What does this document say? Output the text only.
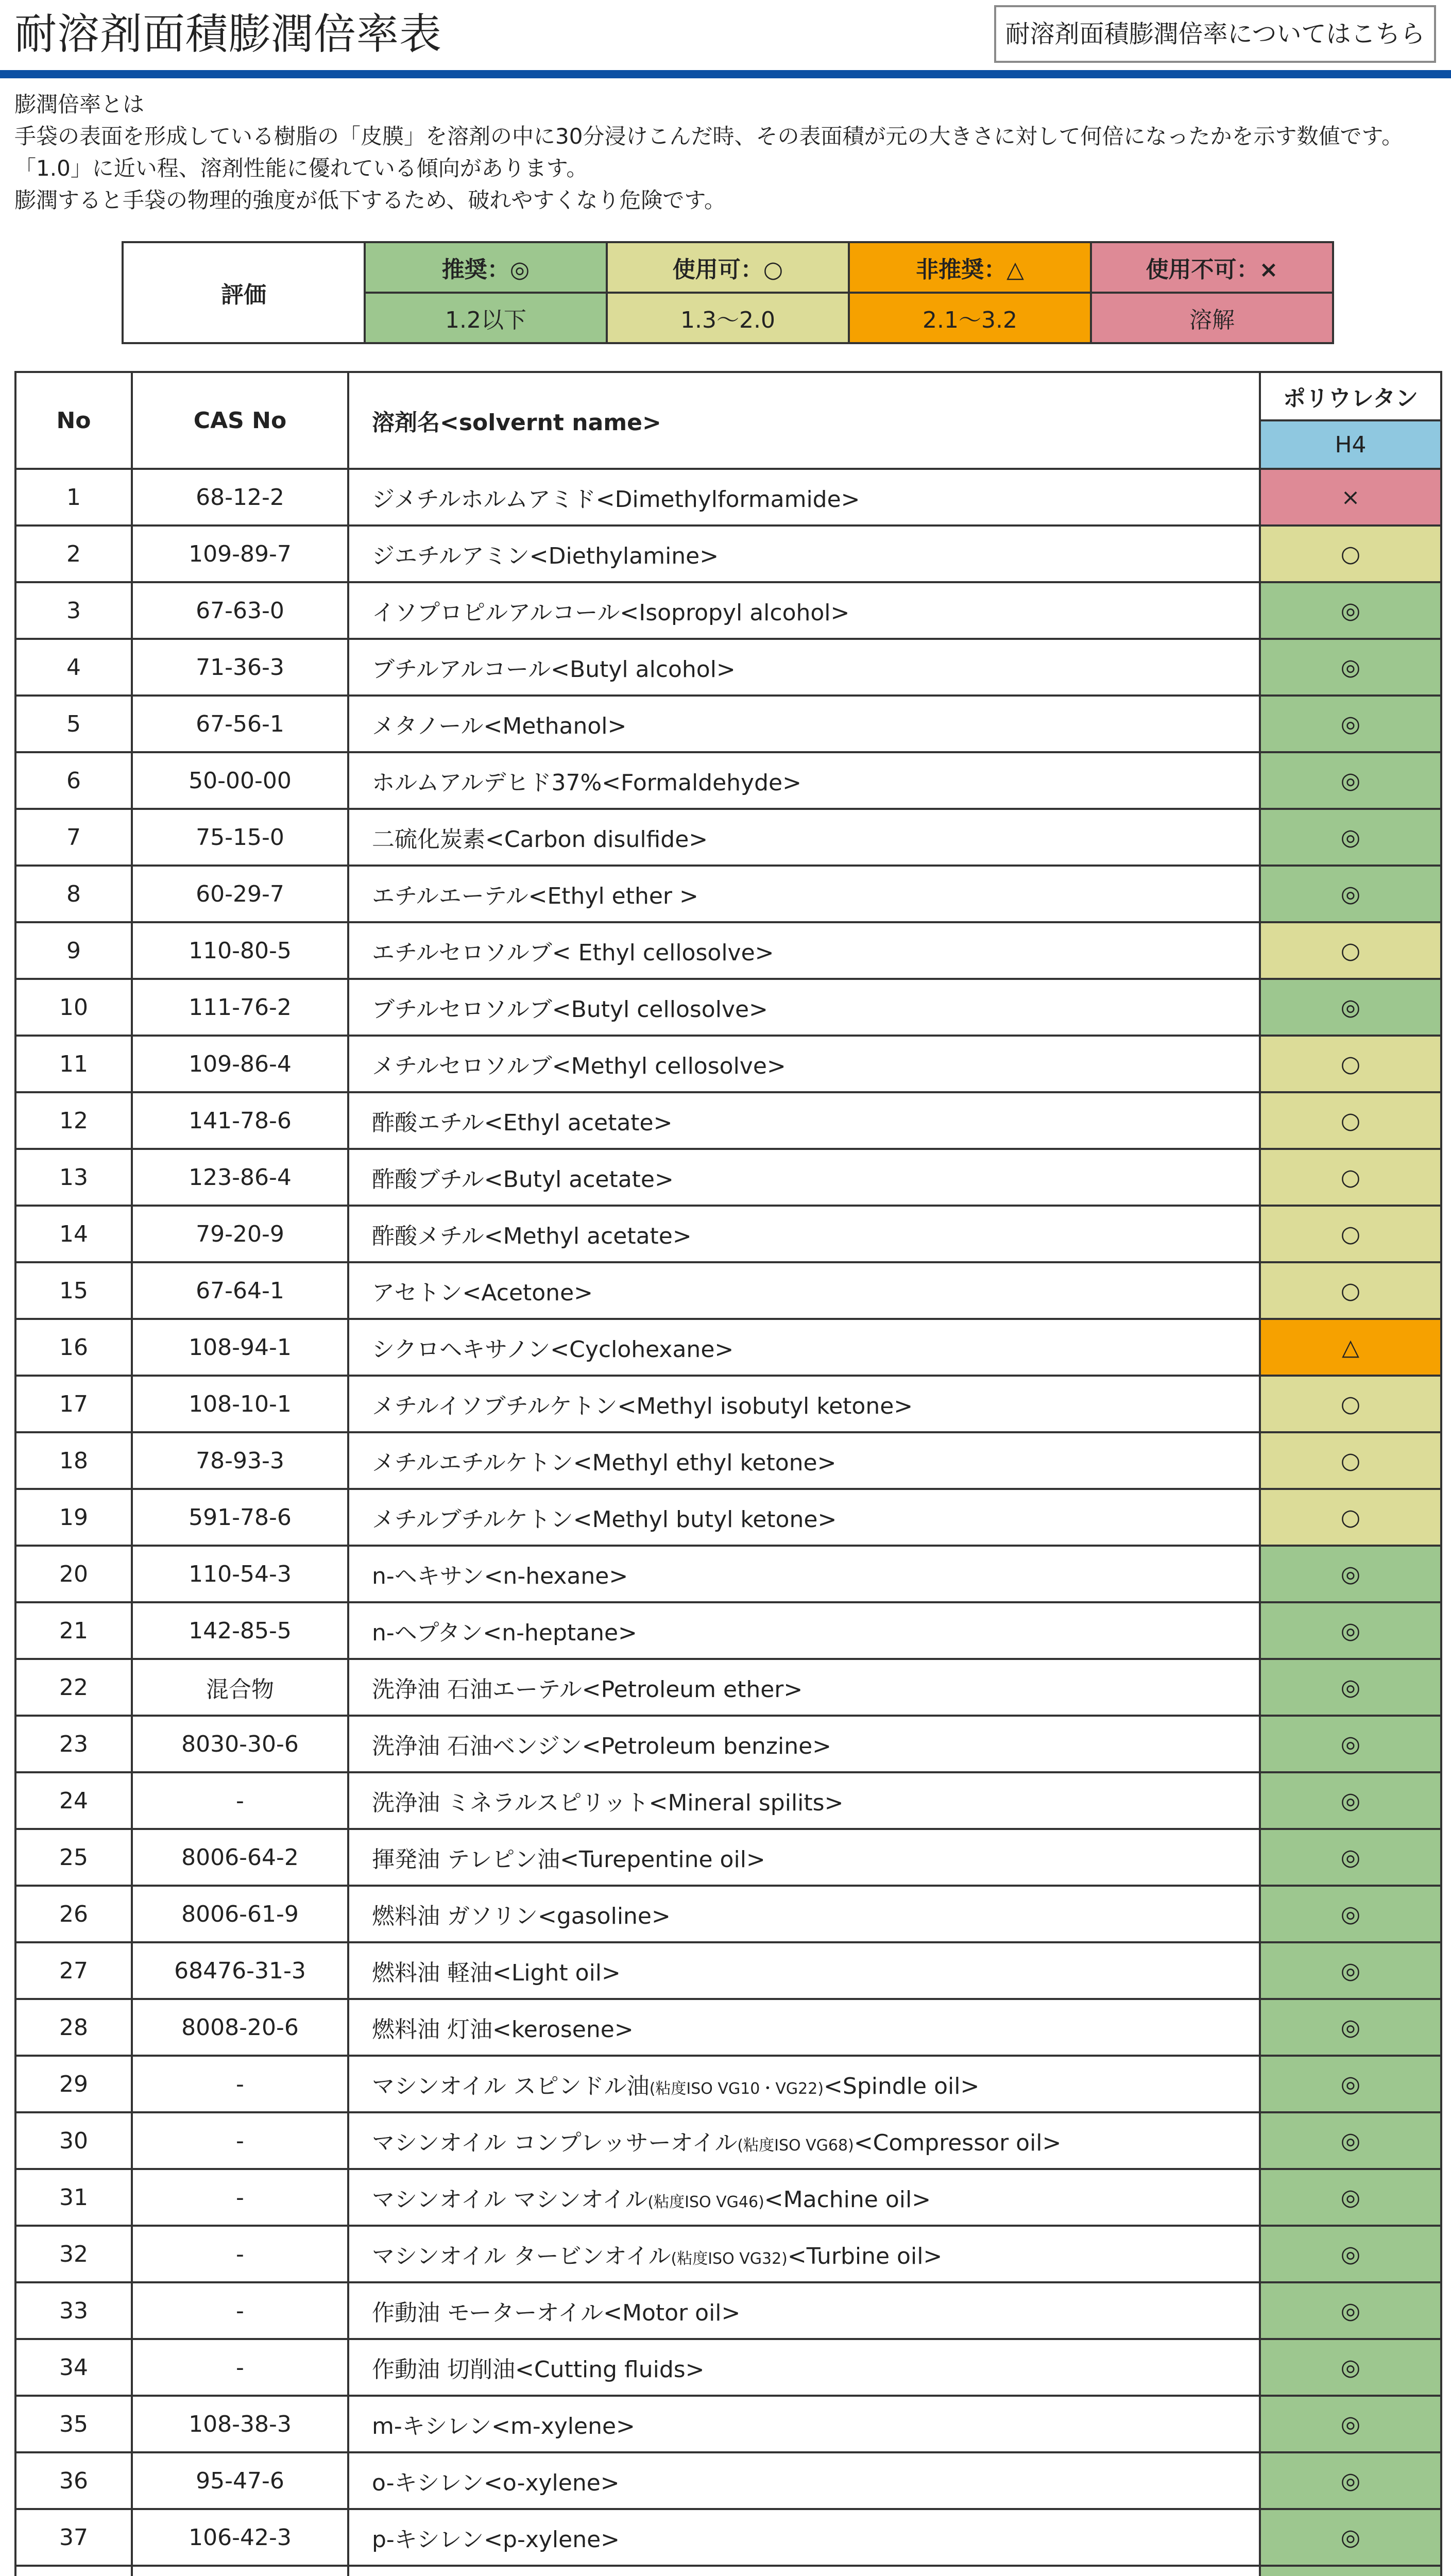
耐溶剤面積膨潤倍率表	耐溶剤面積膨潤倍率についてはこちら

膨潤倍率とは

手袋の表面を形成している樹脂の「皮膜」を溶剤の中に30分浸けこんだ時、その表面積が元の大きさに対して何倍になったかを示す数値です。「1.0」に近い程、溶剤性能に優れている傾向があります。

膨潤すると手袋の物理的強度が低下するため、破れやすくなり危険です。

評価	推奨：◎	使用可：○	非推奨：△	使用不可：×
	1.2以下	1.3〜2.0	2.1〜3.2	溶解
No	CAS No	溶剤名<solvernt name>	ポリウレタン
			H4
1	68-12-2	ジメチルホルムアミド<Dimethylformamide>	×
2	109-89-7	ジエチルアミン<Diethylamine>	○
3	67-63-0	イソプロピルアルコール<Isopropyl alcohol>	◎
4	71-36-3	ブチルアルコール<Butyl alcohol>	◎
5	67-56-1	メタノール<Methanol>	◎
6	50-00-00	ホルムアルデヒド37%<Formaldehyde>	◎
7	75-15-0	二硫化炭素<Carbon disulfide>	◎
8	60-29-7	エチルエーテル<Ethyl ether >	◎
9	110-80-5	エチルセロソルブ< Ethyl cellosolve>	○
10	111-76-2	ブチルセロソルブ<Butyl cellosolve>	◎
11	109-86-4	メチルセロソルブ<Methyl cellosolve>	○
12	141-78-6	酢酸エチル<Ethyl acetate>	○
13	123-86-4	酢酸ブチル<Butyl acetate>	○
14	79-20-9	酢酸メチル<Methyl acetate>	○
15	67-64-1	アセトン<Acetone>	○
16	108-94-1	シクロヘキサノン<Cyclohexane>	△
17	108-10-1	メチルイソブチルケトン<Methyl isobutyl ketone>	○
18	78-93-3	メチルエチルケトン<Methyl ethyl ketone>	○
19	591-78-6	メチルブチルケトン<Methyl butyl ketone>	○
20	110-54-3	n-ヘキサン<n-hexane>	◎
21	142-85-5	n-ヘプタン<n-heptane>	◎
22	混合物	洗浄油 石油エーテル<Petroleum ether>	◎
23	8030-30-6	洗浄油 石油ベンジン<Petroleum benzine>	◎
24	-	洗浄油 ミネラルスピリット<Mineral spilits>	◎
25	8006-64-2	揮発油 テレピン油<Turepentine oil>	◎
26	8006-61-9	燃料油 ガソリン<gasoline>	◎
27	68476-31-3	燃料油 軽油<Light oil>	◎
28	8008-20-6	燃料油 灯油<kerosene>	◎
29	-	マシンオイル スピンドル油(粘度ISO VG10・VG22)<Spindle oil>	◎
30	-	マシンオイル コンプレッサーオイル(粘度ISO VG68)<Compressor oil>	◎
31	-	マシンオイル マシンオイル(粘度ISO VG46)<Machine oil>	◎
32	-	マシンオイル タービンオイル(粘度ISO VG32)<Turbine oil>	◎
33	-	作動油 モーターオイル<Motor oil>	◎
34	-	作動油 切削油<Cutting fluids>	◎
35	108-38-3	m-キシレン<m-xylene>	◎
36	95-47-6	o-キシレン<o-xylene>	◎
37	106-42-3	p-キシレン<p-xylene>	◎
